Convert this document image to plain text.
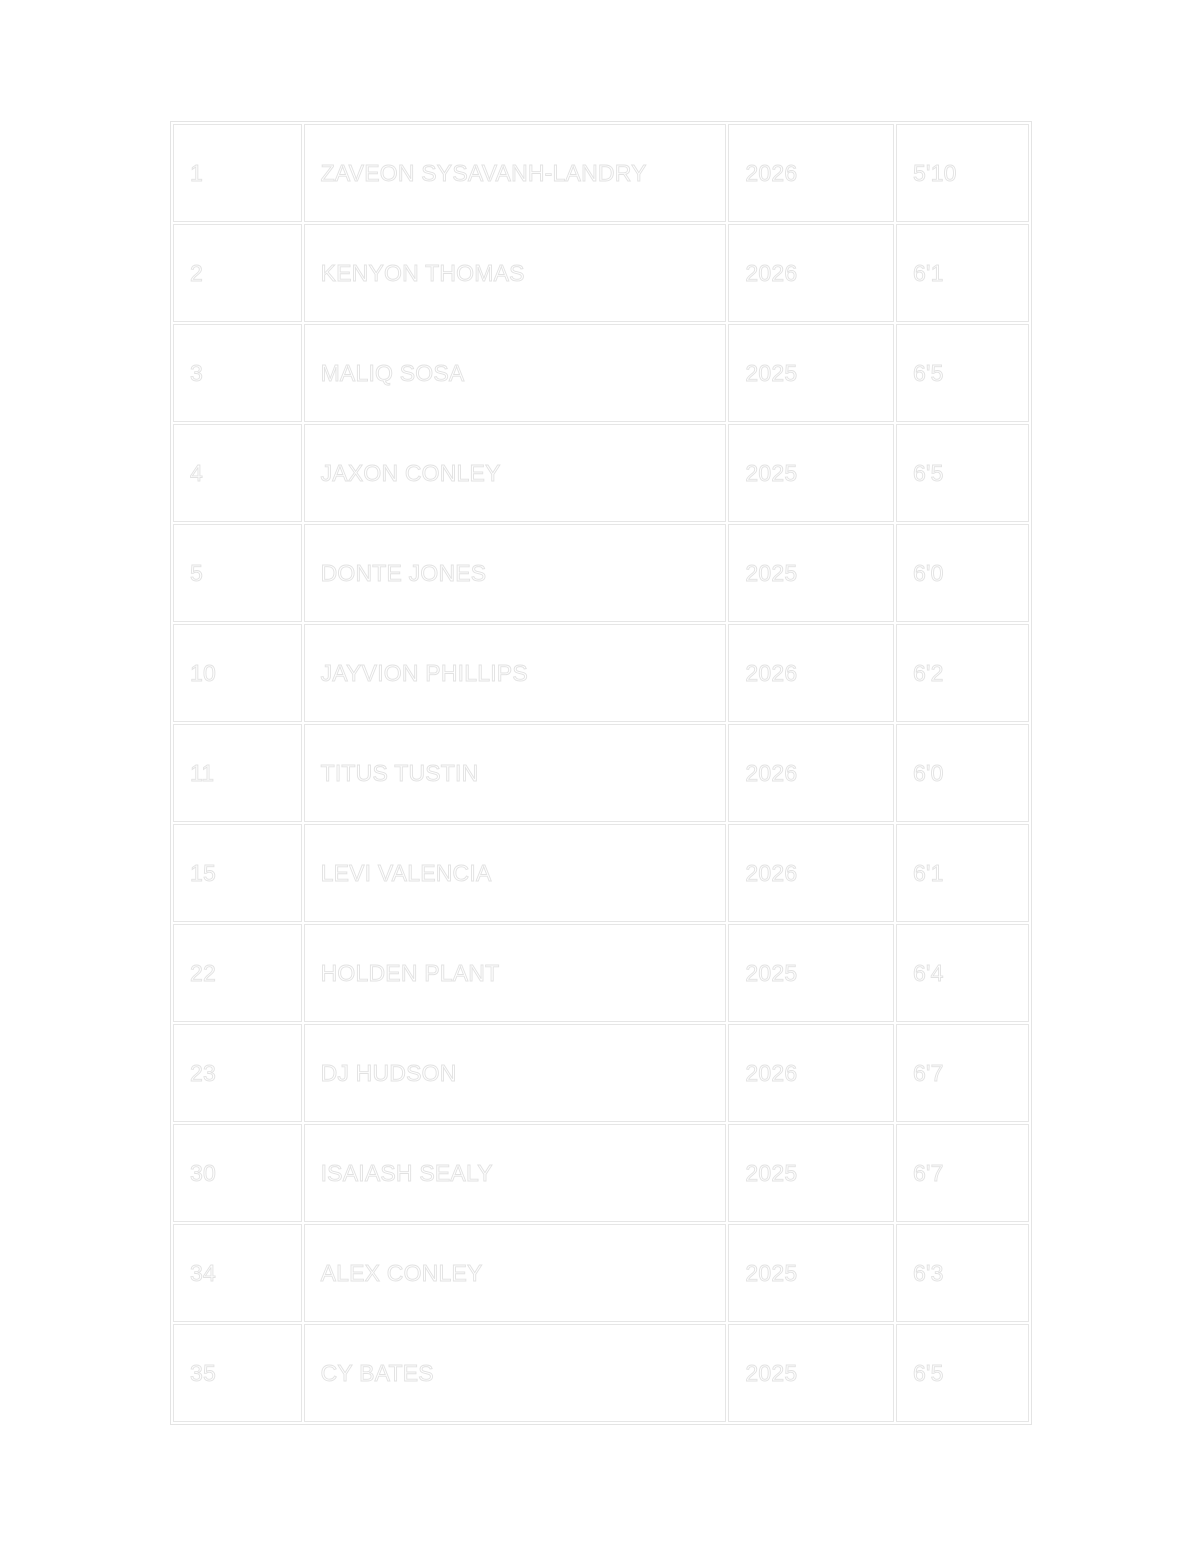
1	ZAVEON SYSAVANH-LANDRY	2026	5'10
2	KENYON THOMAS	2026	6'1
3	MALIQ SOSA	2025	6'5
4	JAXON CONLEY	2025	6'5
5	DONTE JONES	2025	6'0
10	JAYVION PHILLIPS	2026	6'2
11	TITUS TUSTIN	2026	6'0
15	LEVI VALENCIA	2026	6'1
22	HOLDEN PLANT	2025	6'4
23	DJ HUDSON	2026	6'7
30	ISAIASH SEALY	2025	6'7
34	ALEX CONLEY	2025	6'3
35	CY BATES	2025	6'5
